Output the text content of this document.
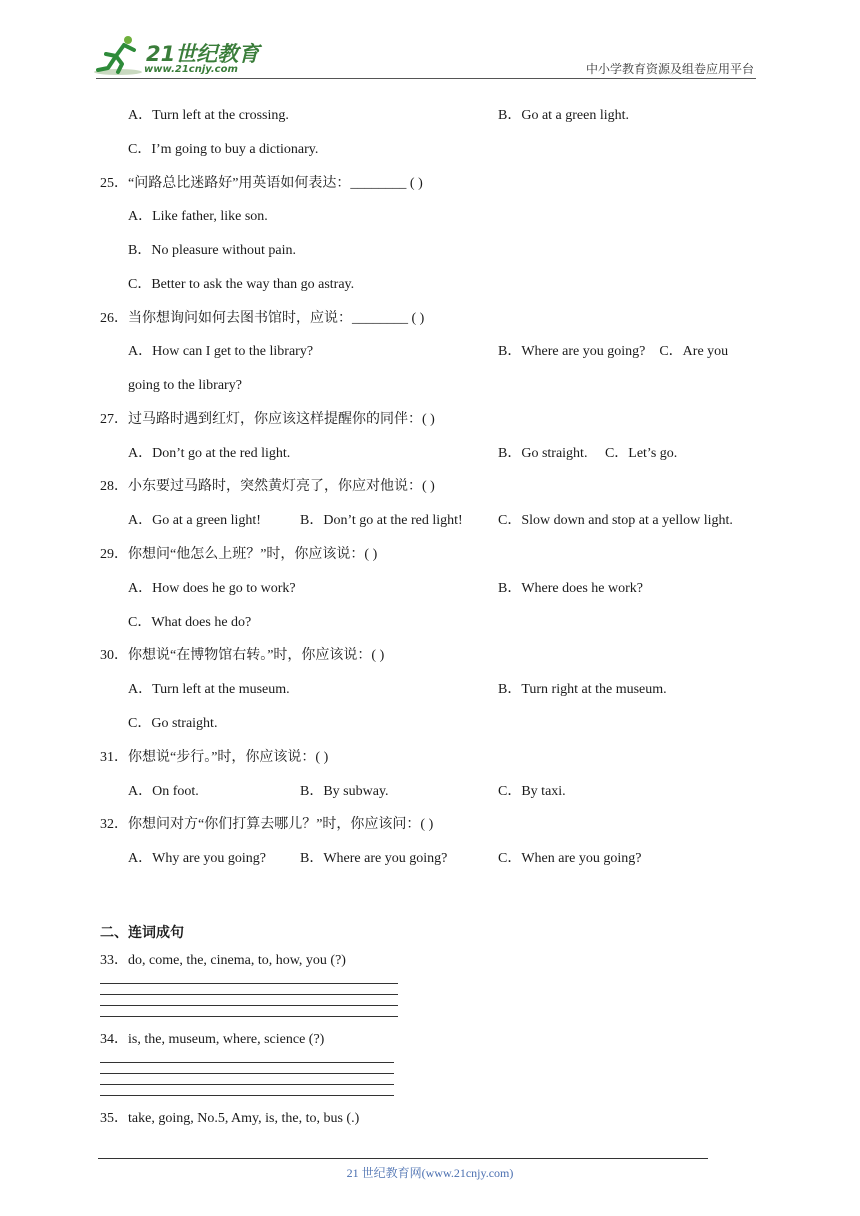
21世纪教育
www.21cnjy.com	中小学教育资源及组卷应用平台
A．Turn left at the crossing.	B．Go at a green light.
C．I’m going to buy a dictionary.
25．“问路总比迷路好”用英语如何表达：________ ( )
A．Like father, like son.
B．No pleasure without pain.
C．Better to ask the way than go astray.
26．当你想询问如何去图书馆时，应说：________ ( )
A．How can I get to the library?	B．Where are you going?    C．Are you
going to the library?
27．过马路时遇到红灯，你应该这样提醒你的同伴：( )
A．Don’t go at the red light.	B．Go straight.     C．Let’s go.
28．小东要过马路时，突然黄灯亮了，你应对他说：( )
A．Go at a green light!	B．Don’t go at the red light!	C．Slow down and stop at a yellow light.
29．你想问“他怎么上班？”时，你应该说：( )
A．How does he go to work?	B．Where does he work?
C．What does he do?
30．你想说“在博物馆右转。”时，你应该说：( )
A．Turn left at the museum.	B．Turn right at the museum.
C．Go straight.
31．你想说“步行。”时，你应该说：( )
A．On foot.	B．By subway.	C．By taxi.
32．你想问对方“你们打算去哪儿？”时，你应该问：( )
A．Why are you going? B．Where are you going?	C．When are you going?
二、连词成句
33．do, come, the, cinema, to, how, you (?)
34．is, the, museum, where, science (?)
35．take, going, No.5, Amy, is, the, to, bus (.)
21 世纪教育网(www.21cnjy.com)
